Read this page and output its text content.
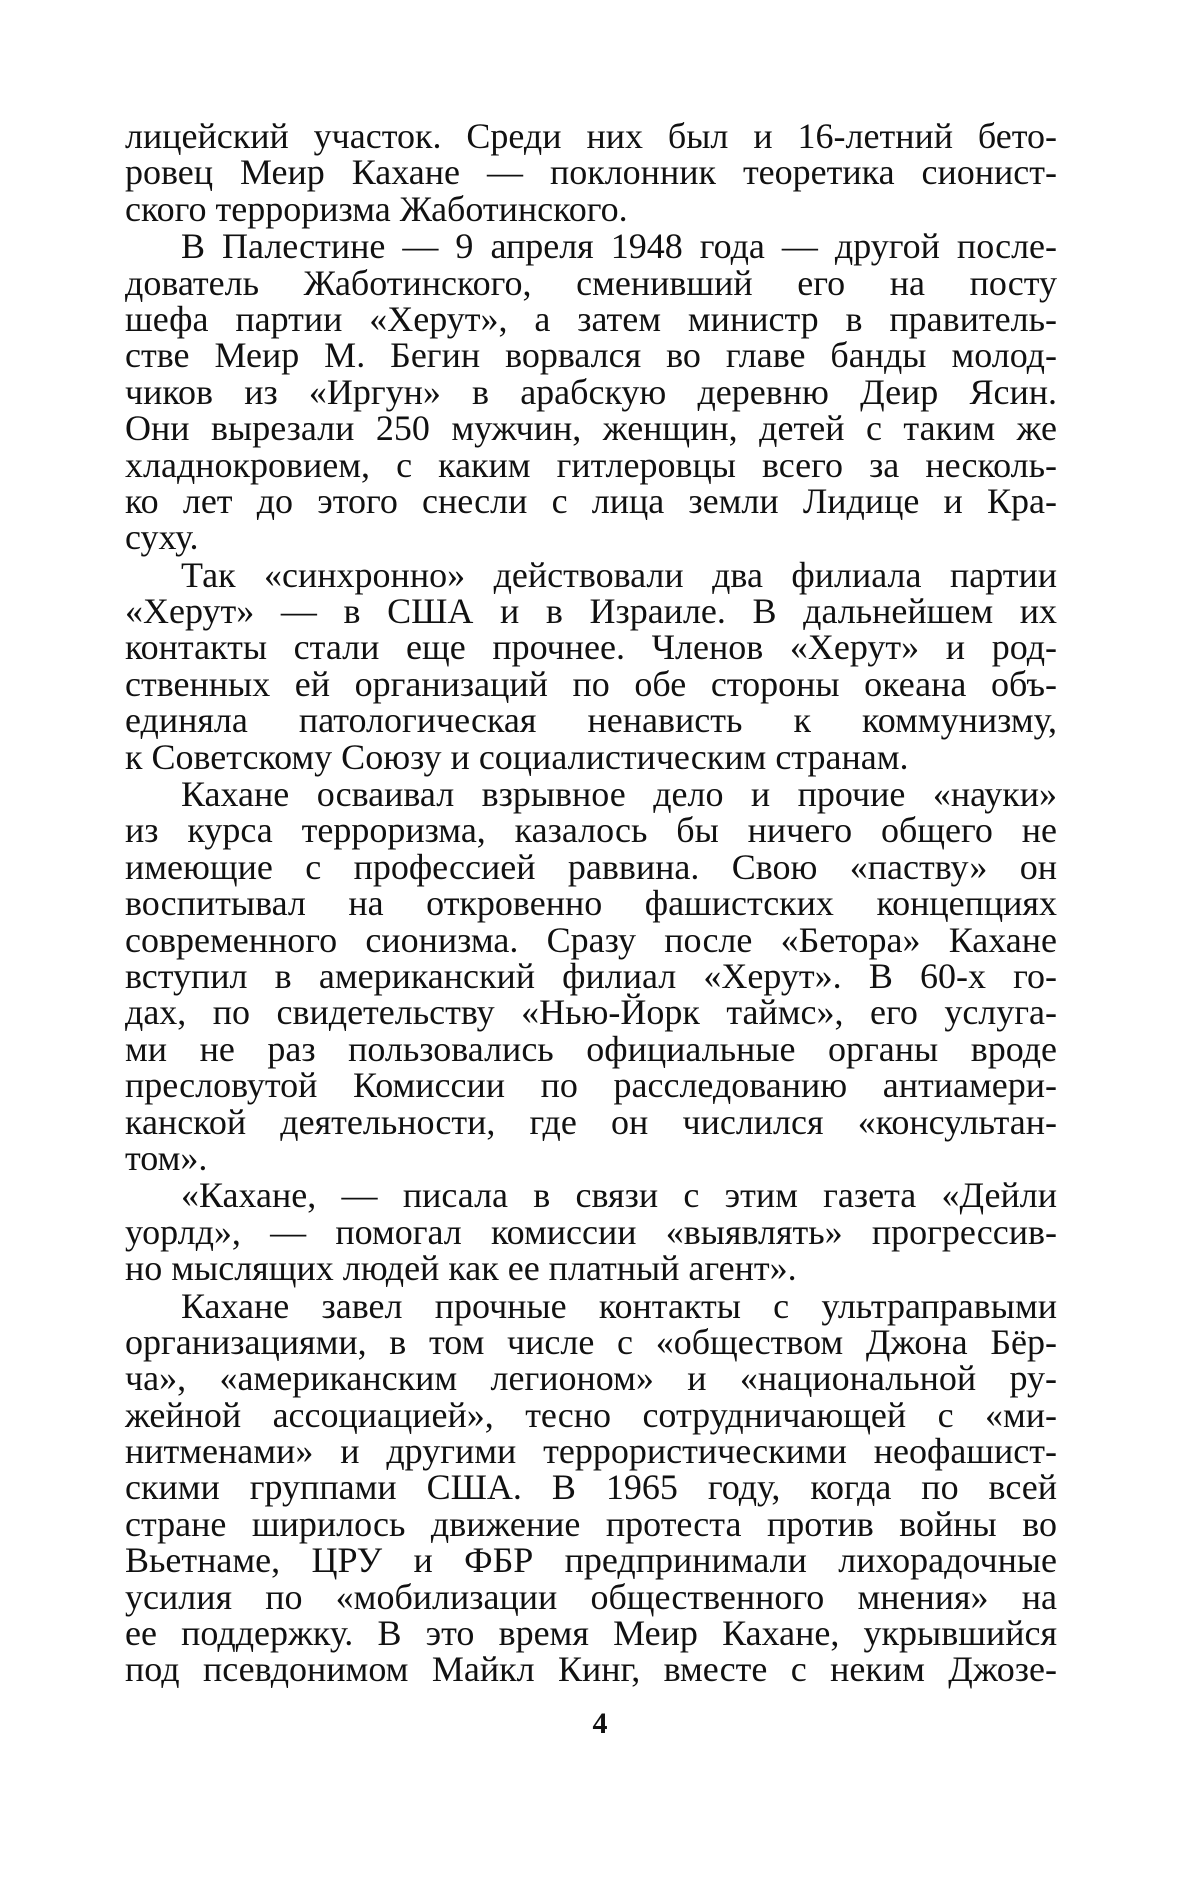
лицейский участок. Среди них был и 16-летний бето-
ровец Меир Кахане — поклонник теоретика сионист-
ского терроризма Жаботинского.
В Палестине — 9 апреля 1948 года — другой после-
дователь Жаботинского, сменивший его на посту
шефа партии «Херут», а затем министр в правитель-
стве Меир М. Бегин ворвался во главе банды молод-
чиков из «Иргун» в арабскую деревню Деир Ясин.
Они вырезали 250 мужчин, женщин, детей с таким же
хладнокровием, с каким гитлеровцы всего за несколь-
ко лет до этого снесли с лица земли Лидице и Кра-
суху.
Так «синхронно» действовали два филиала партии
«Херут» — в США и в Израиле. В дальнейшем их
контакты стали еще прочнее. Членов «Херут» и род-
ственных ей организаций по обе стороны океана объ-
единяла патологическая ненависть к коммунизму,
к Советскому Союзу и социалистическим странам.
Кахане осваивал взрывное дело и прочие «науки»
из курса терроризма, казалось бы ничего общего не
имеющие с профессией раввина. Свою «паству» он
воспитывал на откровенно фашистских концепциях
современного сионизма. Сразу после «Бетора» Кахане
вступил в американский филиал «Херут». В 60-х го-
дах, по свидетельству «Нью-Йорк таймс», его услуга-
ми не раз пользовались официальные органы вроде
пресловутой Комиссии по расследованию антиамери-
канской деятельности, где он числился «консультан-
том».
«Кахане, — писала в связи с этим газета «Дейли
уорлд», — помогал комиссии «выявлять» прогрессив-
но мыслящих людей как ее платный агент».
Кахане завел прочные контакты с ультраправыми
организациями, в том числе с «обществом Джона Бёр-
ча», «американским легионом» и «национальной ру-
жейной ассоциацией», тесно сотрудничающей с «ми-
нитменами» и другими террористическими неофашист-
скими группами США. В 1965 году, когда по всей
стране ширилось движение протеста против войны во
Вьетнаме, ЦРУ и ФБР предпринимали лихорадочные
усилия по «мобилизации общественного мнения» на
ее поддержку. В это время Меир Кахане, укрывшийся
под псевдонимом Майкл Кинг, вместе с неким Джозе-
4
